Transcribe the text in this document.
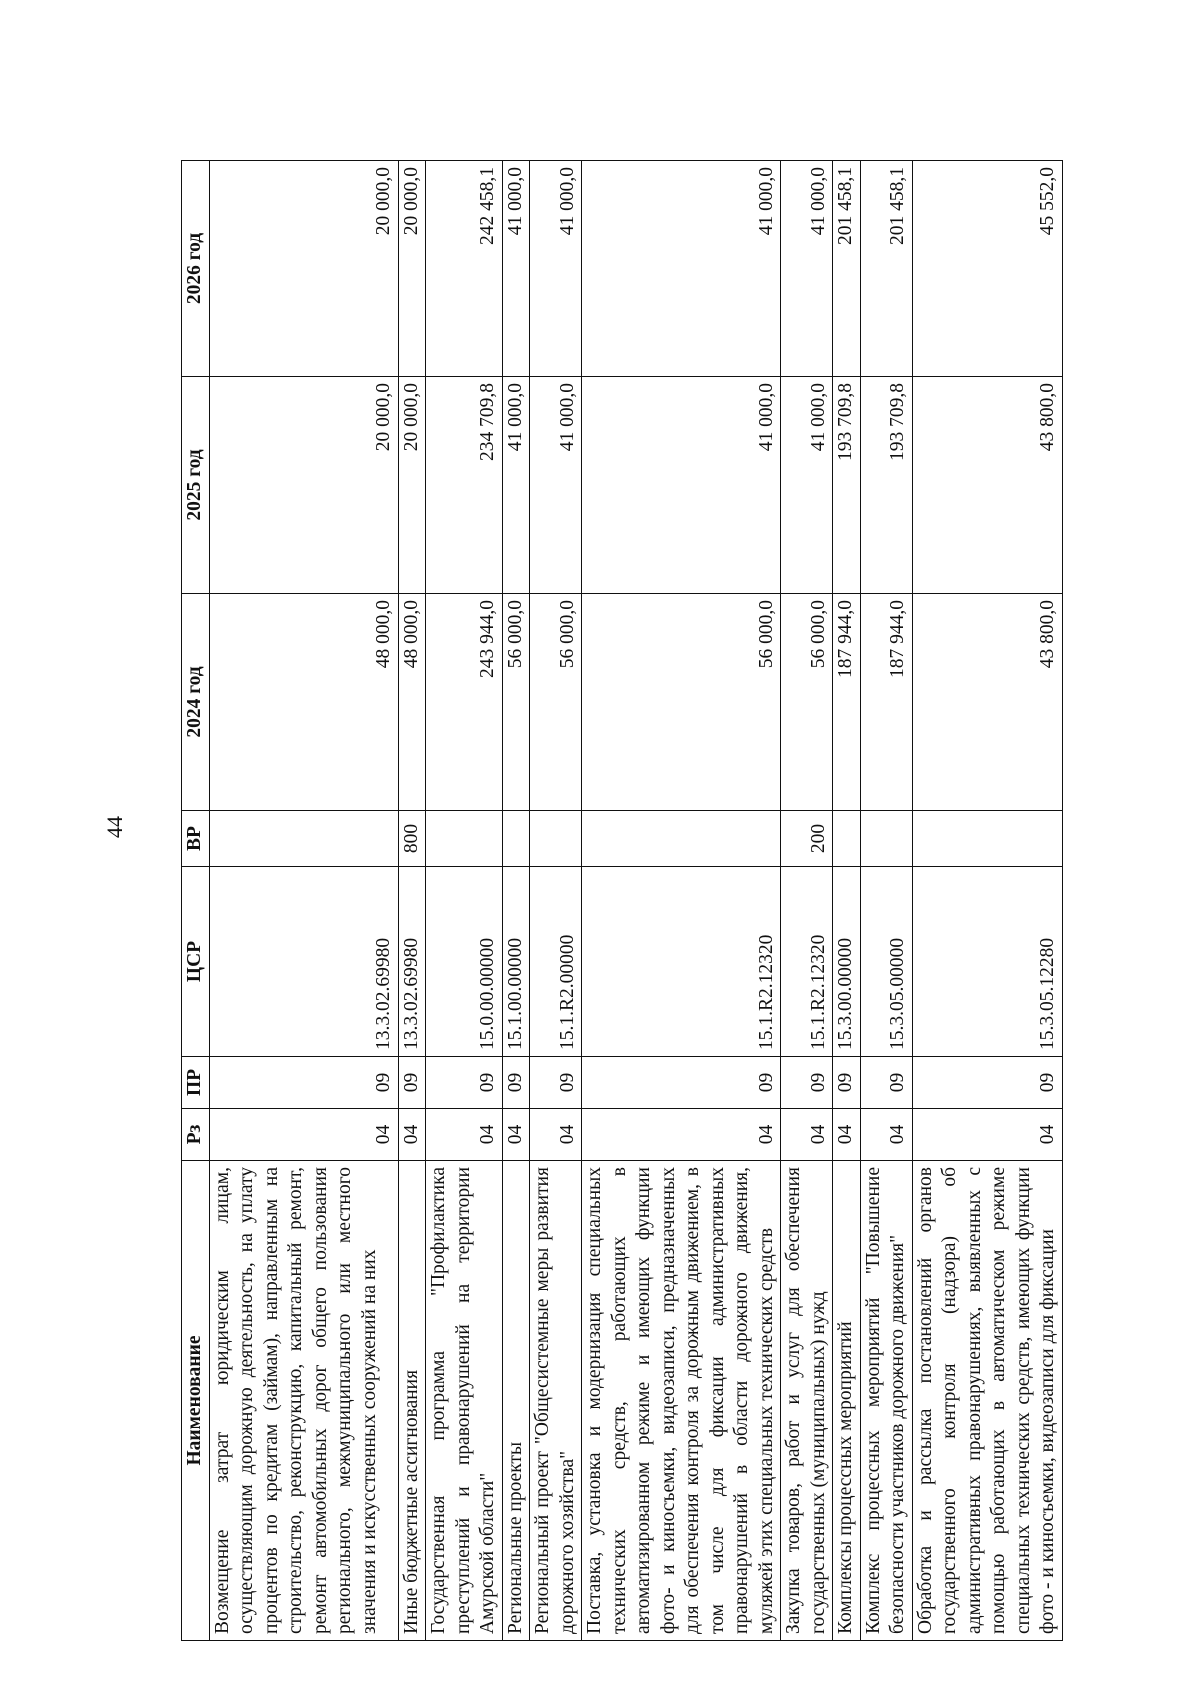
44
Наименование	Рз	ПР	ЦСР	ВР	2024 год	2025 год	2026 год
Возмещение затрат юридическим лицам, осуществляющим дорожную деятельность, на уплату процентов по кредитам (займам), направленным на строительство, реконструкцию, капитальный ремонт, ремонт автомобильных дорог общего пользования регионального, межмуниципального или местного значения и искусственных сооружений на них	04	09	13.3.02.69980		48 000,0	20 000,0	20 000,0
Иные бюджетные ассигнования	04	09	13.3.02.69980	800	48 000,0	20 000,0	20 000,0
Государственная программа "Профилактика преступлений и правонарушений на территории Амурской области"	04	09	15.0.00.00000		243 944,0	234 709,8	242 458,1
Региональные проекты	04	09	15.1.00.00000		56 000,0	41 000,0	41 000,0
Региональный проект "Общесистемные меры развития дорожного хозяйства"	04	09	15.1.R2.00000		56 000,0	41 000,0	41 000,0
Поставка, установка и модернизация специальных технических средств, работающих в автоматизированном режиме и имеющих функции фото- и киносъемки, видеозаписи, предназначенных для обеспечения контроля за дорожным движением, в том числе для фиксации административных правонарушений в области дорожного движения, муляжей этих специальных технических средств	04	09	15.1.R2.12320		56 000,0	41 000,0	41 000,0
Закупка товаров, работ и услуг для обеспечения государственных (муниципальных) нужд	04	09	15.1.R2.12320	200	56 000,0	41 000,0	41 000,0
Комплексы процессных мероприятий	04	09	15.3.00.00000		187 944,0	193 709,8	201 458,1
Комплекс процессных мероприятий "Повышение безопасности участников дорожного движения"	04	09	15.3.05.00000		187 944,0	193 709,8	201 458,1
Обработка и рассылка постановлений органов государственного контроля (надзора) об административных правонарушениях, выявленных с помощью работающих в автоматическом режиме специальных технических средств, имеющих функции фото - и киносъемки, видеозаписи для фиксации	04	09	15.3.05.12280		43 800,0	43 800,0	45 552,0
